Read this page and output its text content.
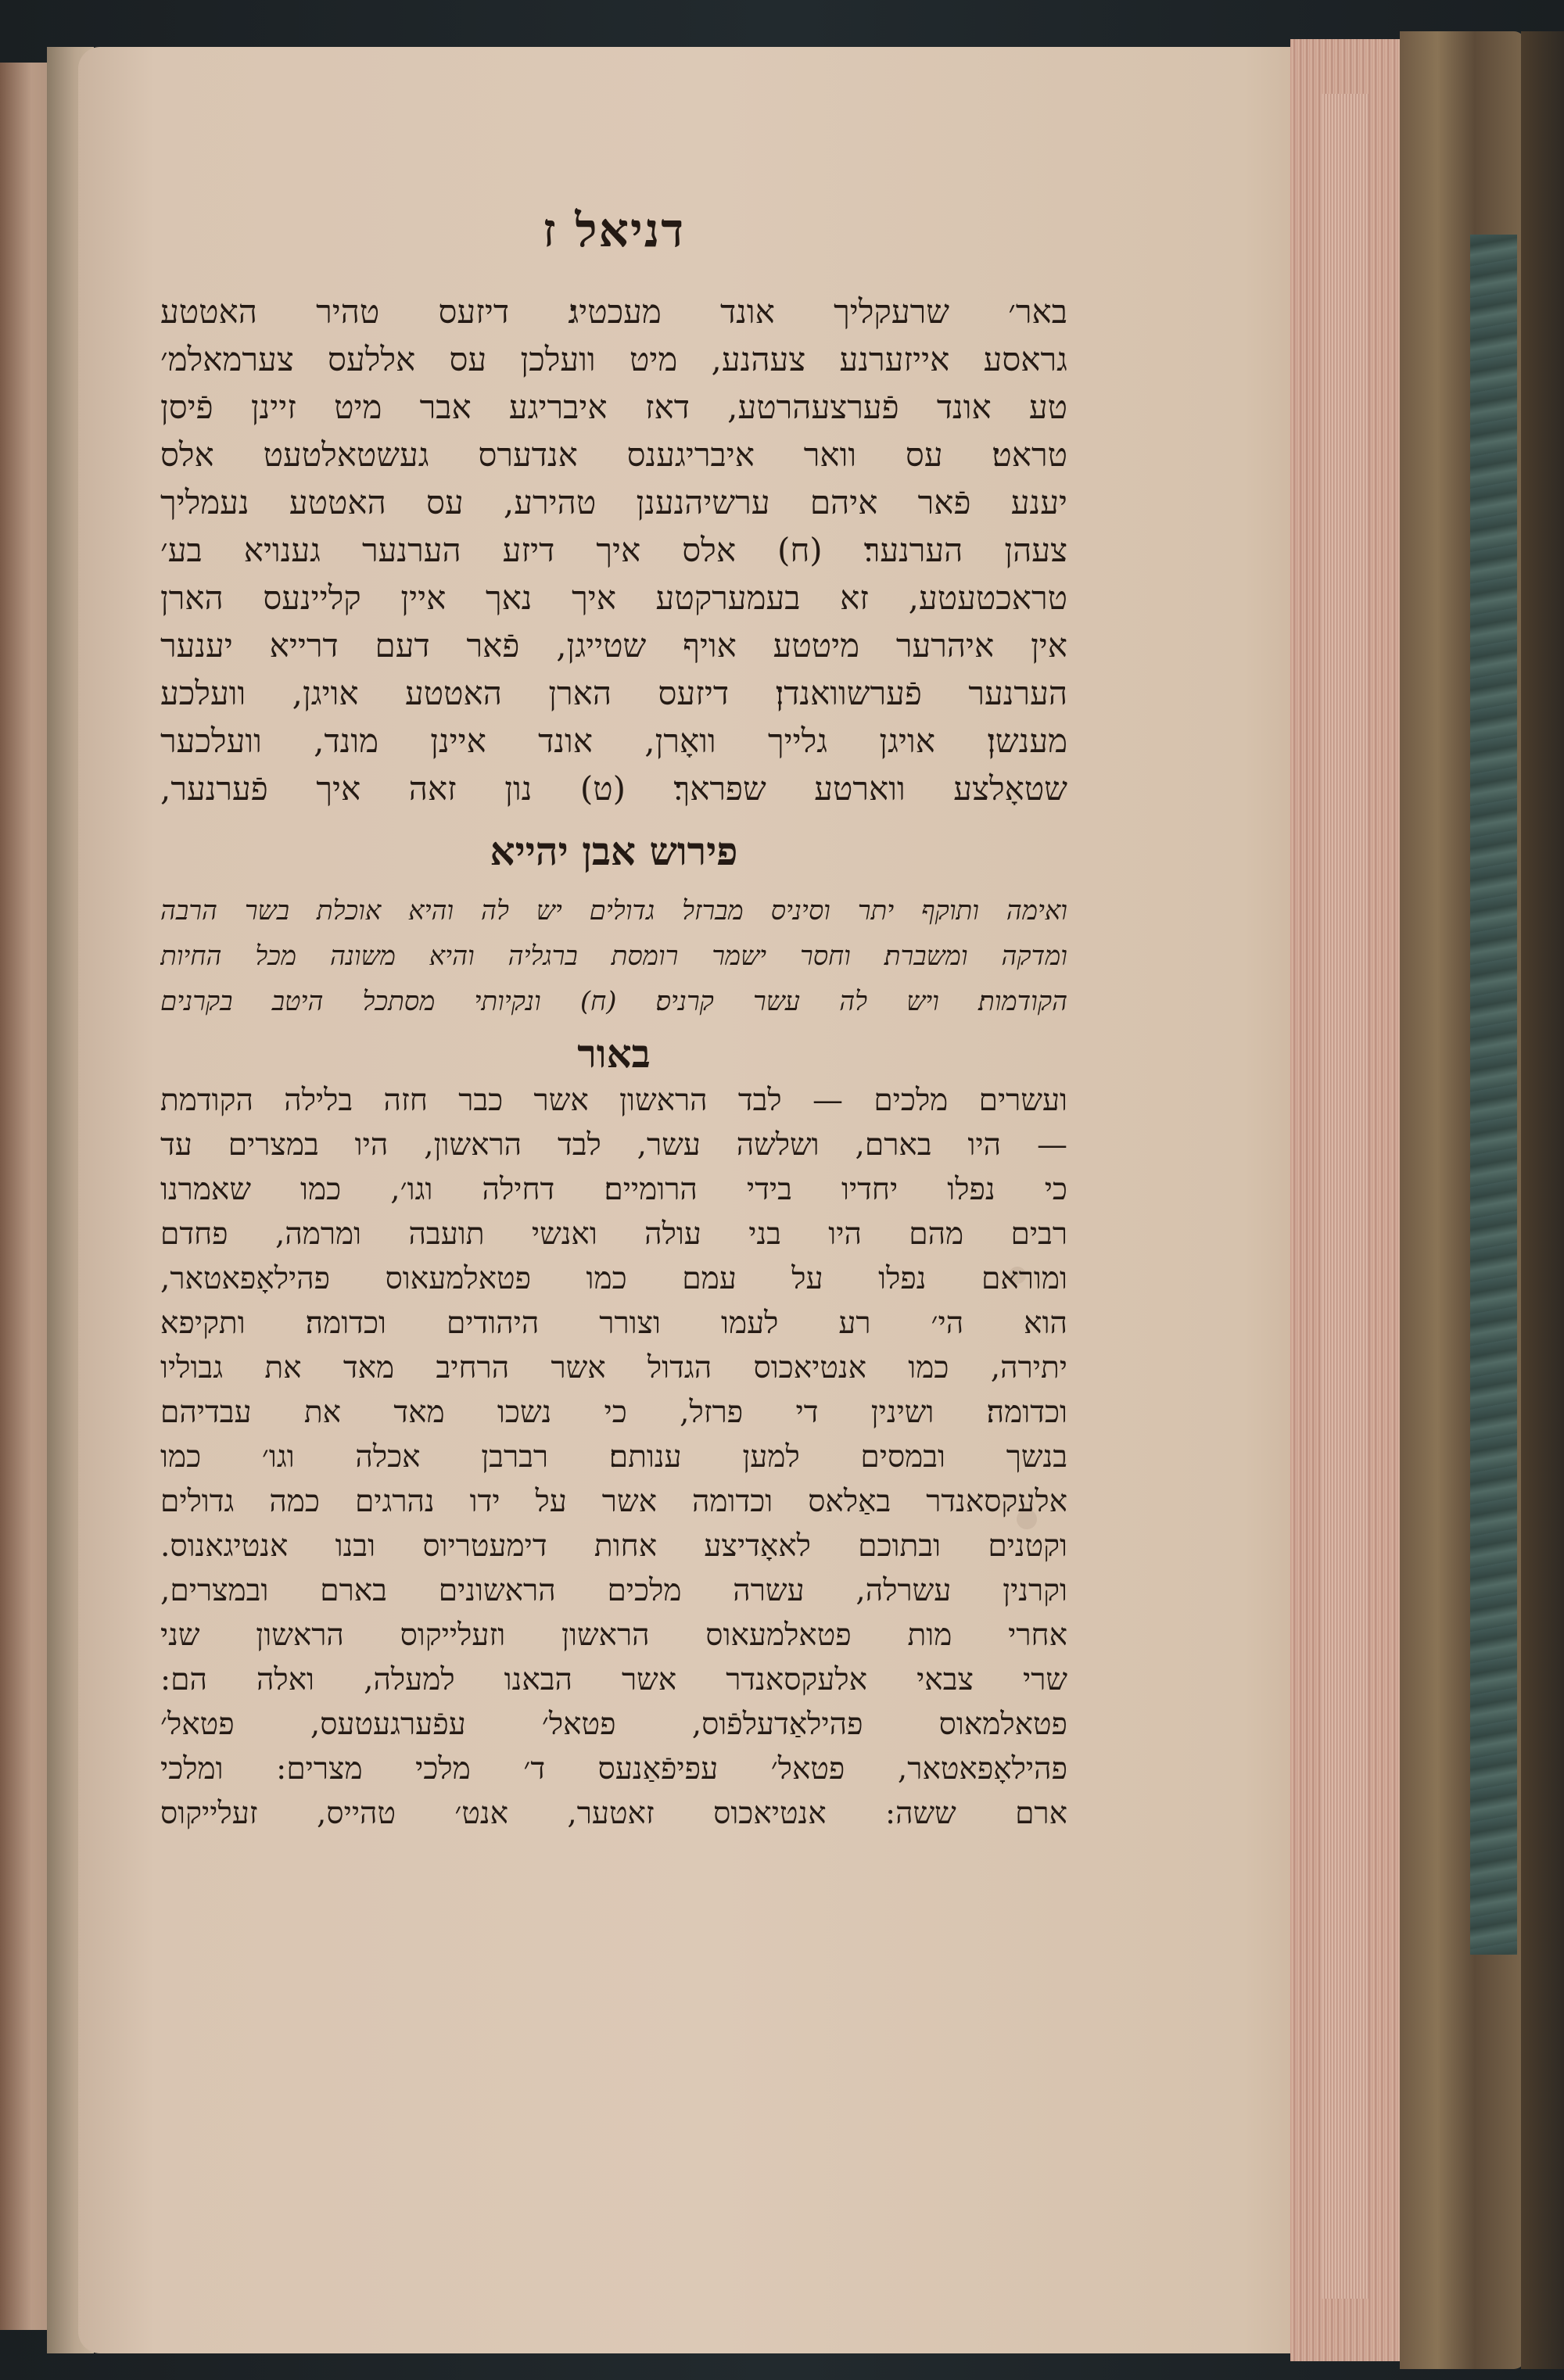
דניאל ז
באר׳ שרעקליך אונד מעכטיג׃ דיזעס טהיר האטטע
גראסע אייזערנע צעהנע, מיט וועלכן עס אללעס צערמאלמ׳
טע אונד פֿערצעהרטע, דאז איבריגע אבר מיט זיינן פֿיסן
טראט׃ עס וואר איבריגענס אנדערס געשטאלטעט אלס
יענע פֿאר איהם ערשיהנענן טהירע, עס האטטע נעמליך
צעהן הערנער׃ (ח) אלס איך דיזע הערנער גענויא בע׳
טראכטעטע, זא בעמערקטע איך נאך איין קליינעס הארן
אין איהרער מיטטע אויף שטייגן, פֿאר דעם דרייא יענער
הערנער פֿערשוואנדן׃ דיזעס הארן האטטע אויגן, וועלכע
מענשן׃ אויגן גלייך וואָרן, אונד איינן מונד, וועלכער
שטאָלצע ווארטע שפראך׃ (ט) נון זאה איך פֿערנער,
פירוש אבן יהייא
ואימה ותוקף יתר וסיניס מברזל גדולים יש לה והיא אוכלת בשר הרבה
ומדקה ומשברת׃ וחסר ישמר רומסת ברגליה והיא משונה מכל החיות
הקודמות׃ ויש לה עשר קרניס׃ (ח) ונקיותי מסתכל היטב בקרנים
באור
ועשרים מלכים — לבד הראשון אשר כבר חזה בלילה הקודמת
— היו בארם, ושלשה עשר, לבד הראשון, היו במצרים עד
כי נפלו יחדיו בידי הרומיים׃ דחילה וגו׳, כמו שאמרנו
רבים מהם היו בני עולה ואנשי תועבה ומרמה, פחדם
ומוראם נפלו על עמם כמו פטאלמעאוס פהילאָפאטאר,
הוא הי׳ רע לעמו וצורר היהודים וכדומה׃ ותקיפא
יתירה, כמו אנטיאכוס הגדול אשר הרחיב מאד את גבוליו
וכדומה׃ ושינין די פרזל, כי נשכו מאד את עבדיהם
בנשך ובמסים למען ענותם׃ רברבן אכלה וגו׳ כמו
אלעקסאנדר באַלאס וכדומה אשר על ידו נהרגים כמה גדולים
וקטנים ובתוכם לאאָדיצע אחות דימעטריוס ובנו אנטיגאנוס.
וקרנין עשרלה, עשרה מלכים הראשונים בארם ובמצרים,
אחרי מות פטאלמעאוס הראשון וזעלייקוס הראשון שני
שרי צבאי אלעקסאנדר אשר הבאנו למעלה, ואלה הם:
פטאלמאוס פהילאַדעלפֿוס, פטאל׳ עפֿערגעטעס, פטאל׳
פהילאָפאטאר, פטאל׳ עפיפֿאַנעס ד׳ מלכי מצרים: ומלכי
ארם ששה: אנטיאכוס זאטער, אנט׳ טהייס, זעלייקוס
